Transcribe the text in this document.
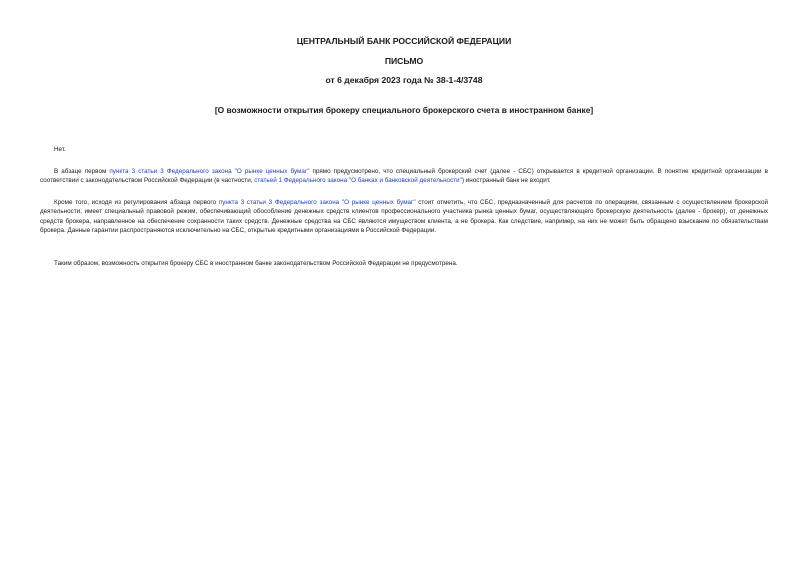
ЦЕНТРАЛЬНЫЙ БАНК РОССИЙСКОЙ ФЕДЕРАЦИИ
ПИСЬМО
от 6 декабря 2023 года № 38-1-4/3748
[О возможности открытия брокеру специального брокерского счета в иностранном банке]

Нет.

В абзаце первом пункта 3 статьи 3 Федерального закона "О рынке ценных бумаг" прямо предусмотрено, что специальный брокерский счет (далее - СБС) открывается в кредитной организации. В понятие кредитной организации в соответствии с законодательством Российской Федерации (в частности, статьей 1 Федерального закона "О банках и банковской деятельности") иностранный банк не входит.

Кроме того, исходя из регулирования абзаца первого пункта 3 статьи 3 Федерального закона "О рынке ценных бумаг" стоит отметить, что СБС, предназначенный для расчетов по операциям, связанным с осуществлением брокерской деятельности, имеет специальный правовой режим, обеспечивающий обособление денежных средств клиентов профессионального участника рынка ценных бумаг, осуществляющего брокерскую деятельность (далее - брокер), от денежных средств брокера, направленное на обеспечение сохранности таких средств. Денежные средства на СБС являются имуществом клиента, а не брокера. Как следствие, например, на них не может быть обращено взыскание по обязательствам брокера. Данные гарантии распространяются исключительно на СБС, открытые кредитными организациями в Российской Федерации.

Таким образом, возможность открытия брокеру СБС в иностранном банке законодательством Российской Федерации не предусмотрена.
